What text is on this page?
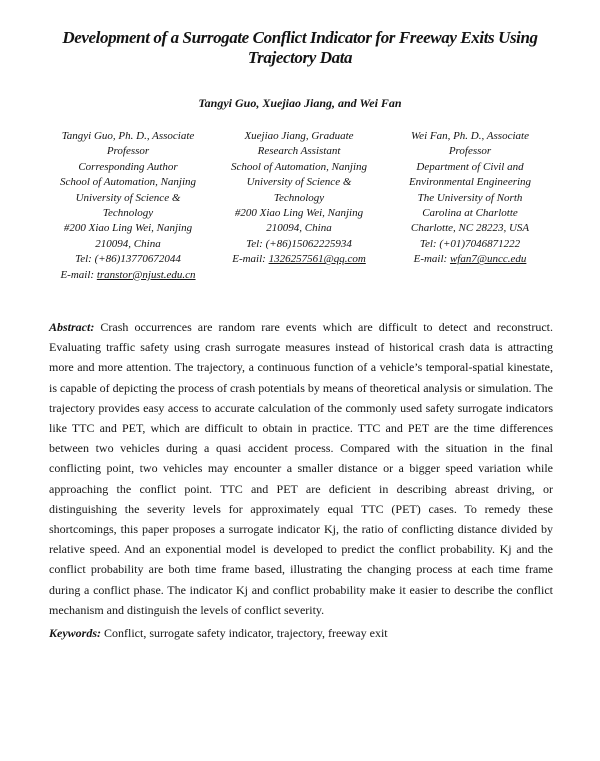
Development of a Surrogate Conflict Indicator for Freeway Exits Using
Trajectory Data
Tangyi Guo, Xuejiao Jiang, and Wei Fan
Tangyi Guo, Ph. D., Associate
Professor
Corresponding Author
School of Automation, Nanjing
University of Science &
Technology
#200 Xiao Ling Wei, Nanjing
210094, China
Tel: (+86)13770672044
E-mail: transtor@njust.edu.cn
Xuejiao Jiang, Graduate
Research Assistant
School of Automation, Nanjing
University of Science &
Technology
#200 Xiao Ling Wei, Nanjing
210094, China
Tel: (+86)15062225934
E-mail: 1326257561@qq.com
Wei Fan, Ph. D., Associate
Professor
Department of Civil and
Environmental Engineering
The University of North
Carolina at Charlotte
Charlotte, NC 28223, USA
Tel: (+01)7046871222
E-mail: wfan7@uncc.edu

Abstract: Crash occurrences are random rare events which are difficult to detect and reconstruct. Evaluating traffic safety using crash surrogate measures instead of historical crash data is attracting more and more attention. The trajectory, a continuous function of a vehicle’s temporal-spatial kinestate, is capable of depicting the process of crash potentials by means of theoretical analysis or simulation. The trajectory provides easy access to accurate calculation of the commonly used safety surrogate indicators like TTC and PET, which are difficult to obtain in practice. TTC and PET are the time differences between two vehicles during a quasi accident process. Compared with the situation in the final conflicting point, two vehicles may encounter a smaller distance or a bigger speed variation while approaching the conflict point. TTC and PET are deficient in describing abreast driving, or distinguishing the severity levels for approximately equal TTC (PET) cases. To remedy these shortcomings, this paper proposes a surrogate indicator Kj, the ratio of conflicting distance divided by relative speed. And an exponential model is developed to predict the conflict probability. Kj and the conflict probability are both time frame based, illustrating the changing process at each time frame during a conflict phase. The indicator Kj and conflict probability make it easier to describe the conflict mechanism and distinguish the levels of conflict severity.

Keywords: Conflict, surrogate safety indicator, trajectory, freeway exit
